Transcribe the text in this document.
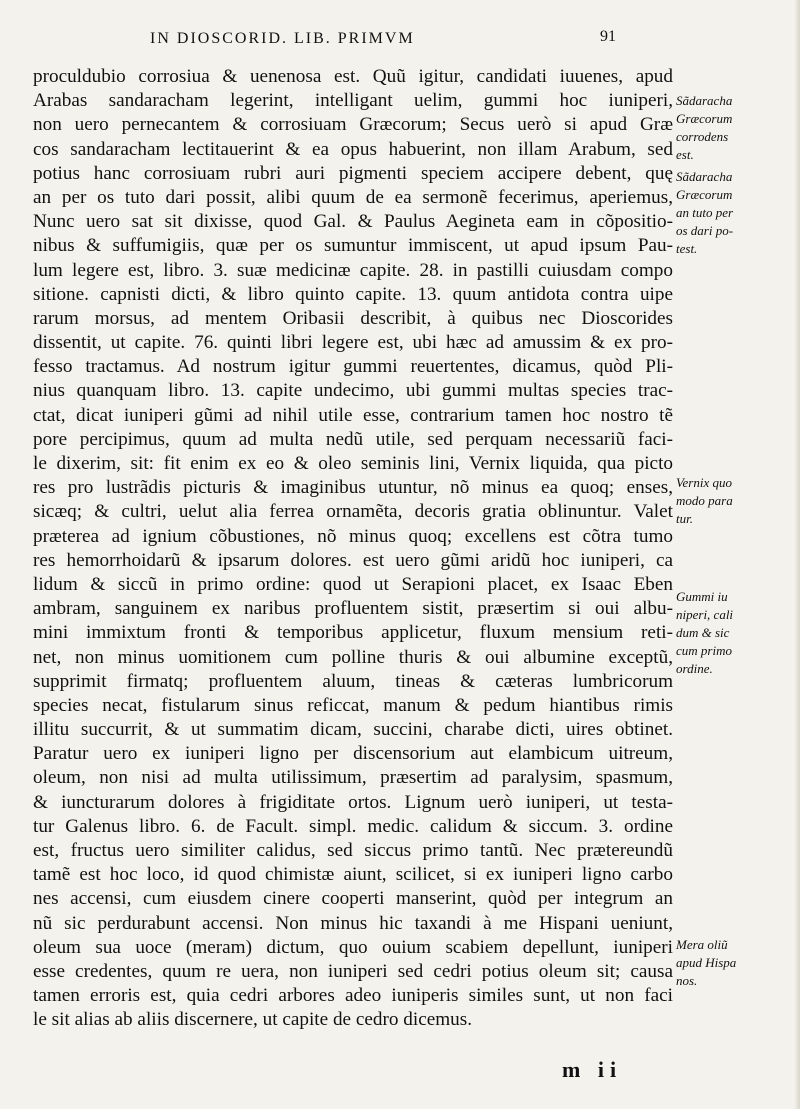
IN DIOSCORID. LIB. PRIMVM	91
proculdubio corrosiua & uenenosa est. Quũ igitur, candidati iuuenes, apud
Arabas sandaracham legerint, intelligant uelim, gummi hoc iuniperi,
non uero pernecantem & corrosiuam Græcorum; Secus uerò si apud Græ
cos sandaracham lectitauerint & ea opus habuerint, non illam Arabum, sed
potius hanc corrosiuam rubri auri pigmenti speciem accipere debent, quę
an per os tuto dari possit, alibi quum de ea sermonẽ fecerimus, aperiemus,
Nunc uero sat sit dixisse, quod Gal. & Paulus Aegineta eam in cõpositio-
nibus & suffumigiis, quæ per os sumuntur immiscent, ut apud ipsum Pau-
lum legere est, libro. 3. suæ medicinæ capite. 28. in pastilli cuiusdam compo
sitione. capnisti dicti, & libro quinto capite. 13. quum antidota contra uipe
rarum morsus, ad mentem Oribasii describit, à quibus nec Dioscorides
dissentit, ut capite. 76. quinti libri legere est, ubi hæc ad amussim & ex pro-
fesso tractamus. Ad nostrum igitur gummi reuertentes, dicamus, quòd Pli-
nius quanquam libro. 13. capite undecimo, ubi gummi multas species trac-
ctat, dicat iuniperi gũmi ad nihil utile esse, contrarium tamen hoc nostro tẽ
pore percipimus, quum ad multa nedũ utile, sed perquam necessariũ faci-
le dixerim, sit: fit enim ex eo & oleo seminis lini, Vernix liquida, qua picto
res pro lustrãdis picturis & imaginibus utuntur, nõ minus ea quoq; enses,
sicæq; & cultri, uelut alia ferrea ornamẽta, decoris gratia oblinuntur. Valet
præterea ad ignium cõbustiones, nõ minus quoq; excellens est cõtra tumo
res hemorrhoidarũ & ipsarum dolores. est uero gũmi aridũ hoc iuniperi, ca
lidum & siccũ in primo ordine: quod ut Serapioni placet, ex Isaac Eben
ambram, sanguinem ex naribus profluentem sistit, præsertim si oui albu-
mini immixtum fronti & temporibus applicetur, fluxum mensium reti-
net, non minus uomitionem cum polline thuris & oui albumine exceptũ,
supprimit firmatq; profluentem aluum, tineas & cæteras lumbricorum
species necat, fistularum sinus reficcat, manum & pedum hiantibus rimis
illitu succurrit, & ut summatim dicam, succini, charabe dicti, uires obtinet.
Paratur uero ex iuniperi ligno per discensorium aut elambicum uitreum,
oleum, non nisi ad multa utilissimum, præsertim ad paralysim, spasmum,
& iuncturarum dolores à frigiditate ortos. Lignum uerò iuniperi, ut testa-
tur Galenus libro. 6. de Facult. simpl. medic. calidum & siccum. 3. ordine
est, fructus uero similiter calidus, sed siccus primo tantũ. Nec prætereundũ
tamẽ est hoc loco, id quod chimistæ aiunt, scilicet, si ex iuniperi ligno carbo
nes accensi, cum eiusdem cinere cooperti manserint, quòd per integrum an
nũ sic perdurabunt accensi. Non minus hic taxandi à me Hispani ueniunt,
oleum sua uoce (meram) dictum, quo ouium scabiem depellunt, iuniperi
esse credentes, quum re uera, non iuniperi sed cedri potius oleum sit; causa
tamen erroris est, quia cedri arbores adeo iuniperis similes sunt, ut non faci
le sit alias ab aliis discernere, ut capite de cedro dicemus.
Sãdaracha
Græcorum
corrodens
est.
Sãdaracha
Græcorum
an tuto per
os dari po-
test.
Vernix quo
modo para
tur.
Gummi iu
niperi, cali
dum & sic
cum primo
ordine.
Mera oliũ
apud Hispa
nos.
m ii
